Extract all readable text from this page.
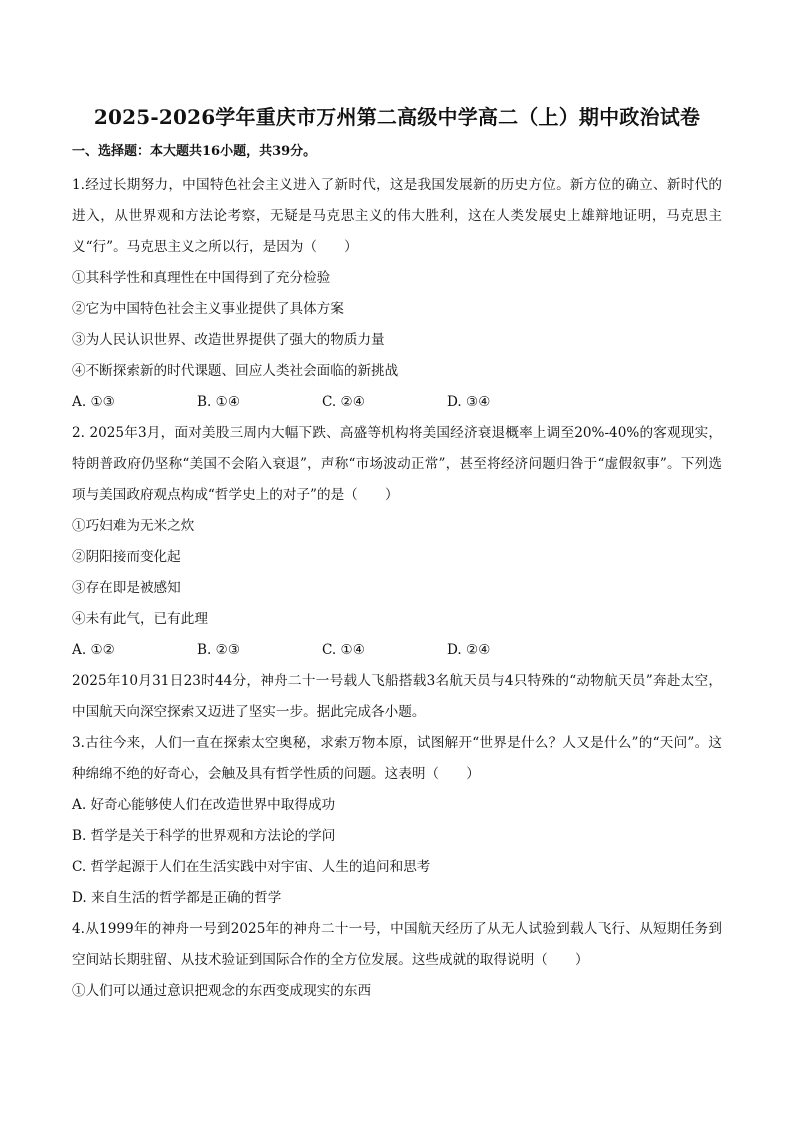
2025-2026学年重庆市万州第二高级中学高二（上）期中政治试卷
一、选择题：本大题共16小题，共39分。
1.经过长期努力，中国特色社会主义进入了新时代，这是我国发展新的历史方位。新方位的确立、新时代的进入，从世界观和方法论考察，无疑是马克思主义的伟大胜利，这在人类发展史上雄辩地证明，马克思主义“行”。马克思主义之所以行，是因为（　　）
①其科学性和真理性在中国得到了充分检验
②它为中国特色社会主义事业提供了具体方案
③为人民认识世界、改造世界提供了强大的物质力量
④不断探索新的时代课题、回应人类社会面临的新挑战
A. ①③	B. ①④	C. ②④	D. ③④
2. 2025年3月，面对美股三周内大幅下跌、高盛等机构将美国经济衰退概率上调至20%-40%的客观现实，特朗普政府仍坚称“美国不会陷入衰退”，声称“市场波动正常”，甚至将经济问题归咎于“虚假叙事”。下列选项与美国政府观点构成“哲学史上的对子”的是（　　）
①巧妇难为无米之炊
②阴阳接而变化起
③存在即是被感知
④未有此气，已有此理
A. ①②	B. ②③	C. ①④	D. ②④
2025年10月31日23时44分，神舟二十一号载人飞船搭载3名航天员与4只特殊的“动物航天员”奔赴太空，中国航天向深空探索又迈进了坚实一步。据此完成各小题。
3.古往今来，人们一直在探索太空奥秘，求索万物本原，试图解开“世界是什么？人又是什么”的“天问”。这种绵绵不绝的好奇心，会触及具有哲学性质的问题。这表明（　　）
A. 好奇心能够使人们在改造世界中取得成功
B. 哲学是关于科学的世界观和方法论的学问
C. 哲学起源于人们在生活实践中对宇宙、人生的追问和思考
D. 来自生活的哲学都是正确的哲学
4.从1999年的神舟一号到2025年的神舟二十一号，中国航天经历了从无人试验到载人飞行、从短期任务到空间站长期驻留、从技术验证到国际合作的全方位发展。这些成就的取得说明（　　）
①人们可以通过意识把观念的东西变成现实的东西
